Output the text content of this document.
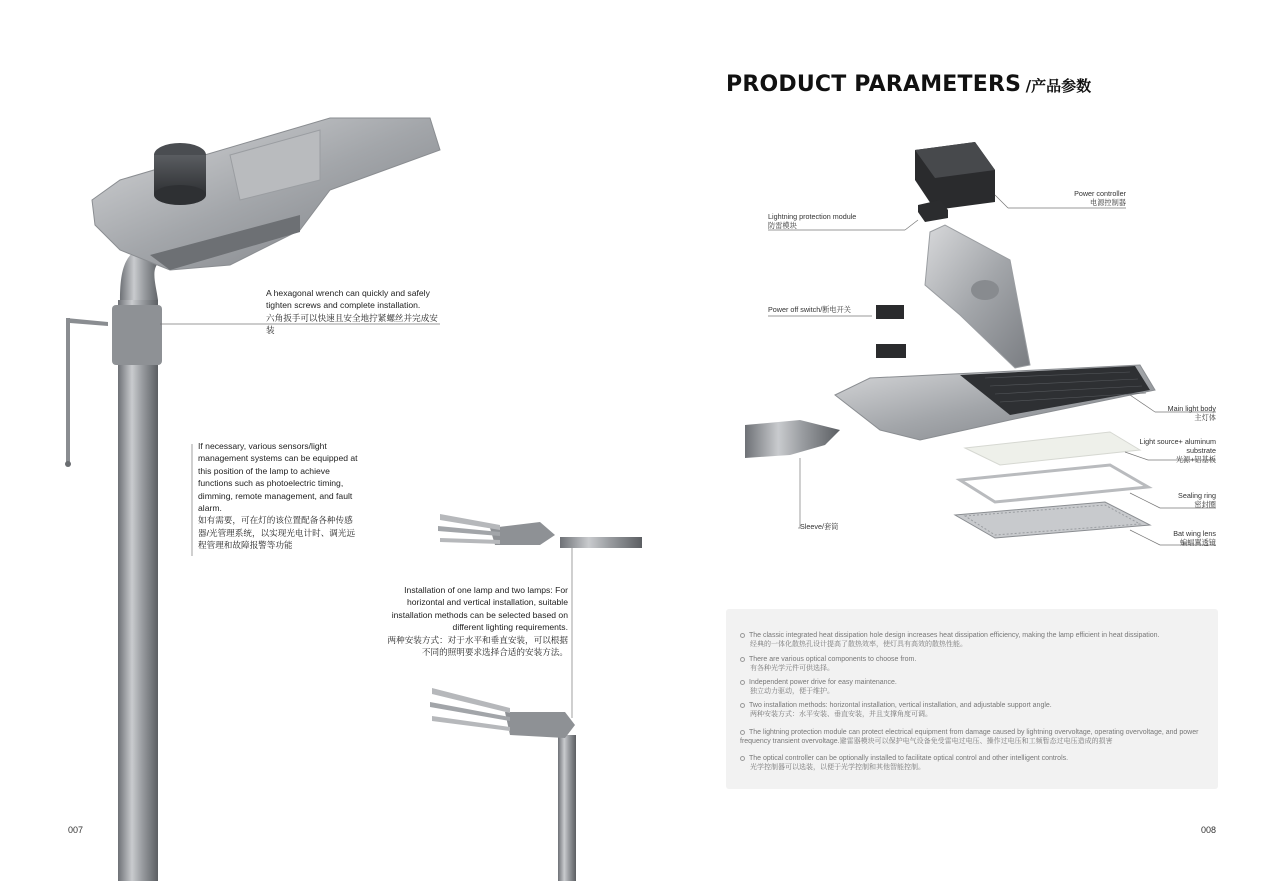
A hexagonal wrench can quickly and safely tighten screws and complete installation.
六角扳手可以快速且安全地拧紧螺丝并完成安装
If necessary, various sensors/light management systems can be equipped at this position of the lamp to achieve functions such as photoelectric timing, dimming, remote management, and fault alarm.
如有需要，可在灯的该位置配备各种传感器/光管理系统，以实现光电计时、调光远程管理和故障报警等功能
Installation of one lamp and two lamps: For horizontal and vertical installation, suitable installation methods can be selected based on different lighting requirements.
两种安装方式：对于水平和垂直安装，可以根据不同的照明要求选择合适的安装方法。
007
PRODUCT PARAMETERS /产品参数
Power controller
电源控制器
Lightning protection module
防雷模块
Power off switch/断电开关
Main light body
主灯体
Light source+ aluminum substrate
光源+铝基板
Sealing ring
密封圈
Sleeve/套筒
Bat wing lens
蝙蝠翼透镜
The classic integrated heat dissipation hole design increases heat dissipation efficiency, making the lamp efficient in heat dissipation.
经典的一体化散热孔设计提高了散热效率，使灯具有高效的散热性能。
There are various optical components to choose from.
有各种光学元件可供选择。
Independent power drive for easy maintenance.
独立动力驱动，便于维护。
Two installation methods: horizontal installation, vertical installation, and adjustable support angle.
两种安装方式：水平安装、垂直安装，并且支撑角度可调。
The lightning protection module can protect electrical equipment from damage caused by lightning overvoltage, operating overvoltage, and power frequency transient overvoltage.避雷器模块可以保护电气设备免受雷电过电压、操作过电压和工频暂态过电压造成的损害
The optical controller can be optionally installed to facilitate optical control and other intelligent controls.
光学控制器可以选装，以便于光学控制和其他智能控制。
008
